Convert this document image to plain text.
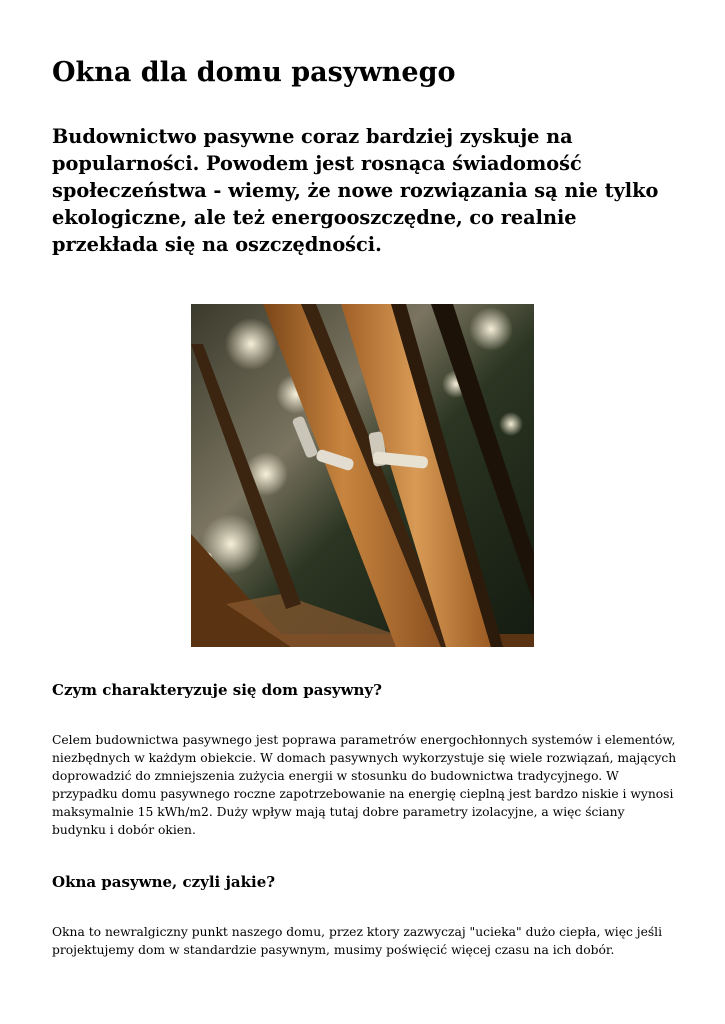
Okna dla domu pasywnego

Budownictwo pasywne coraz bardziej zyskuje na popularności. Powodem jest rosnąca świadomość społeczeństwa - wiemy, że nowe rozwiązania są nie tylko ekologiczne, ale też energooszczędne, co realnie przekłada się na oszczędności.

Czym charakteryzuje się dom pasywny?

Celem budownictwa pasywnego jest poprawa parametrów energochłonnych systemów i elementów, niezbędnych w każdym obiekcie. W domach pasywnych wykorzystuje się wiele rozwiązań, mających doprowadzić do zmniejszenia zużycia energii w stosunku do budownictwa tradycyjnego. W przypadku domu pasywnego roczne zapotrzebowanie na energię cieplną jest bardzo niskie i wynosi maksymalnie 15 kWh/m2. Duży wpływ mają tutaj dobre parametry izolacyjne, a więc ściany budynku i dobór okien.

Okna pasywne, czyli jakie?

Okna to newralgiczny punkt naszego domu, przez ktory zazwyczaj "ucieka" dużo ciepła, więc jeśli projektujemy dom w standardzie pasywnym, musimy poświęcić więcej czasu na ich dobór.
